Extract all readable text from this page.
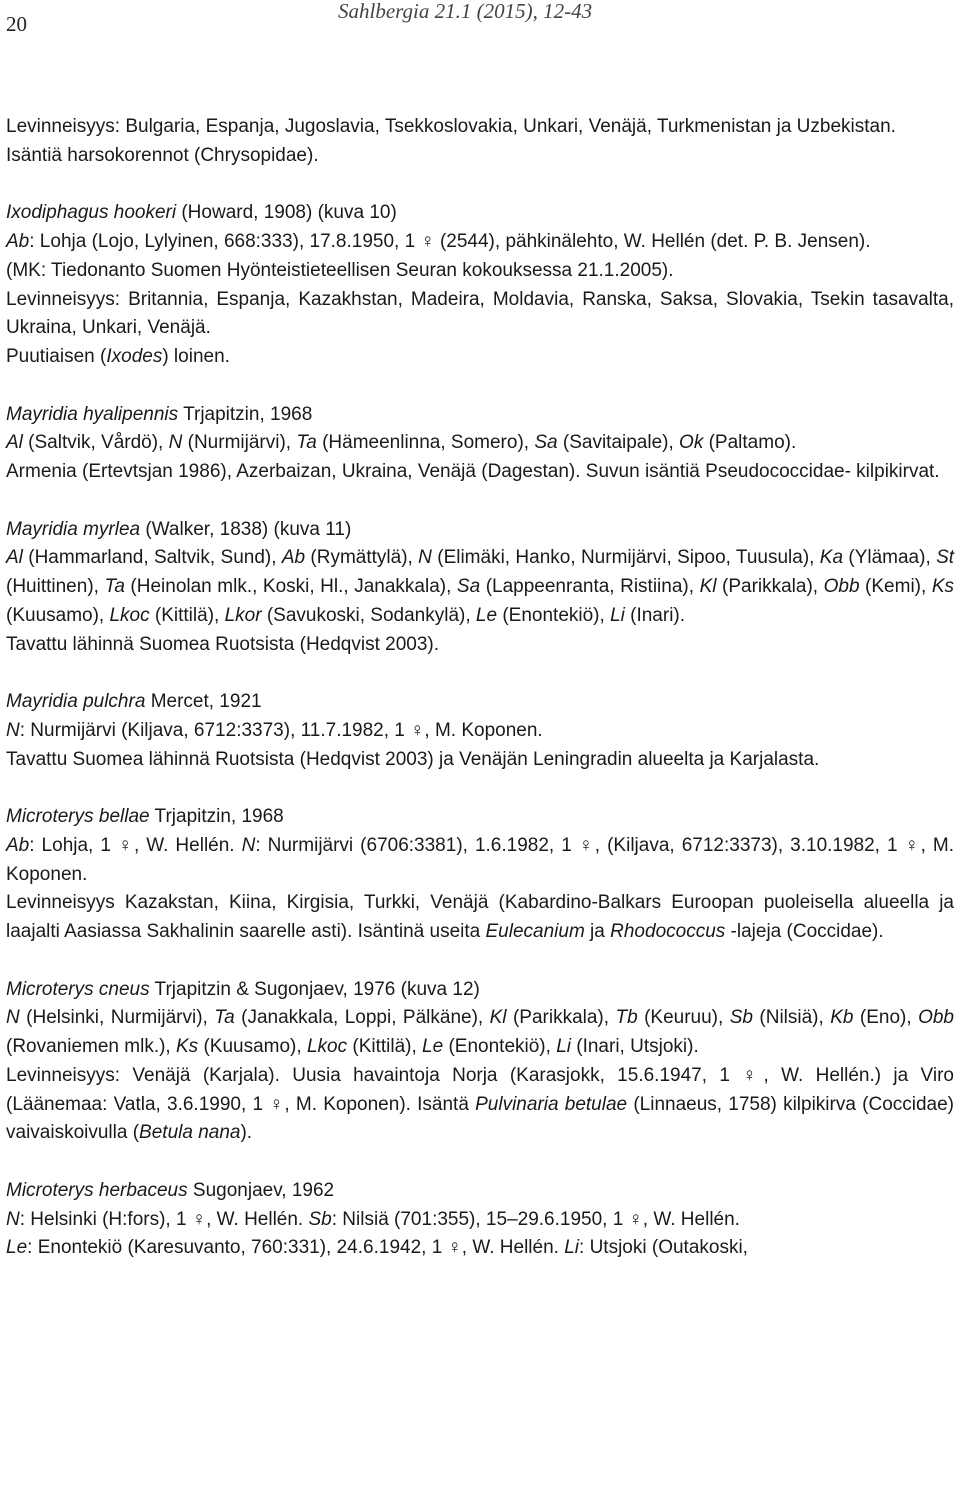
20
Sahlbergia 21.1 (2015), 12-43

Levinneisyys: Bulgaria, Espanja, Jugoslavia, Tsekkoslovakia, Unkari, Venäjä, Turkmenistan ja Uzbekistan.

Isäntiä harsokorennot (Chrysopidae).

Ixodiphagus hookeri (Howard, 1908) (kuva 10)

Ab: Lohja (Lojo, Lylyinen, 668:333), 17.8.1950, 1 ♀ (2544), pähkinälehto, W. Hellén (det. P. B. Jensen).

(MK: Tiedonanto Suomen Hyönteistieteellisen Seuran kokouksessa 21.1.2005).

Levinneisyys: Britannia, Espanja, Kazakhstan, Madeira, Moldavia, Ranska, Saksa, Slovakia, Tsekin tasavalta, Ukraina, Unkari, Venäjä.

Puutiaisen (Ixodes) loinen.

Mayridia hyalipennis Trjapitzin, 1968

Al (Saltvik, Vårdö), N (Nurmijärvi), Ta (Hämeenlinna, Somero), Sa (Savitaipale), Ok (Paltamo).

Armenia (Ertevtsjan 1986), Azerbaizan, Ukraina, Venäjä (Dagestan). Suvun isäntiä Pseudococcidae- kilpikirvat.

Mayridia myrlea (Walker, 1838) (kuva 11)

Al (Hammarland, Saltvik, Sund), Ab (Rymättylä), N (Elimäki, Hanko, Nurmijärvi, Sipoo, Tuusula), Ka (Ylämaa), St (Huittinen), Ta (Heinolan mlk., Koski, Hl., Janakkala), Sa (Lappeenranta, Ristiina), Kl (Parikkala), Obb (Kemi), Ks (Kuusamo), Lkoc (Kittilä), Lkor (Savukoski, Sodankylä), Le (Enontekiö), Li (Inari).

Tavattu lähinnä Suomea Ruotsista (Hedqvist 2003).

Mayridia pulchra Mercet, 1921

N: Nurmijärvi (Kiljava, 6712:3373), 11.7.1982, 1 ♀, M. Koponen.

Tavattu Suomea lähinnä Ruotsista (Hedqvist 2003) ja Venäjän Leningradin alueelta ja Karjalasta.

Microterys bellae Trjapitzin, 1968

Ab: Lohja, 1 ♀, W. Hellén. N: Nurmijärvi (6706:3381), 1.6.1982, 1 ♀, (Kiljava, 6712:3373), 3.10.1982, 1 ♀, M. Koponen.

Levinneisyys Kazakstan, Kiina, Kirgisia, Turkki, Venäjä (Kabardino-Balkars Euroopan puoleisella alueella ja laajalti Aasiassa Sakhalinin saarelle asti). Isäntinä useita Eulecanium ja Rhodococcus -lajeja (Coccidae).

Microterys cneus Trjapitzin & Sugonjaev, 1976 (kuva 12)

N (Helsinki, Nurmijärvi), Ta (Janakkala, Loppi, Pälkäne), Kl (Parikkala), Tb (Keuruu), Sb (Nilsiä), Kb (Eno), Obb (Rovaniemen mlk.), Ks (Kuusamo), Lkoc (Kittilä), Le (Enontekiö), Li (Inari, Utsjoki).

Levinneisyys: Venäjä (Karjala). Uusia havaintoja Norja (Karasjokk, 15.6.1947, 1 ♀, W. Hellén.) ja Viro (Läänemaa: Vatla, 3.6.1990, 1 ♀, M. Koponen). Isäntä Pulvinaria betulae (Linnaeus, 1758) kilpikirva (Coccidae) vaivaiskoivulla (Betula nana).

Microterys herbaceus Sugonjaev, 1962

N: Helsinki (H:fors), 1 ♀, W. Hellén. Sb: Nilsiä (701:355), 15–29.6.1950, 1 ♀, W. Hellén.

Le: Enontekiö (Karesuvanto, 760:331), 24.6.1942, 1 ♀, W. Hellén. Li: Utsjoki (Outakoski,
